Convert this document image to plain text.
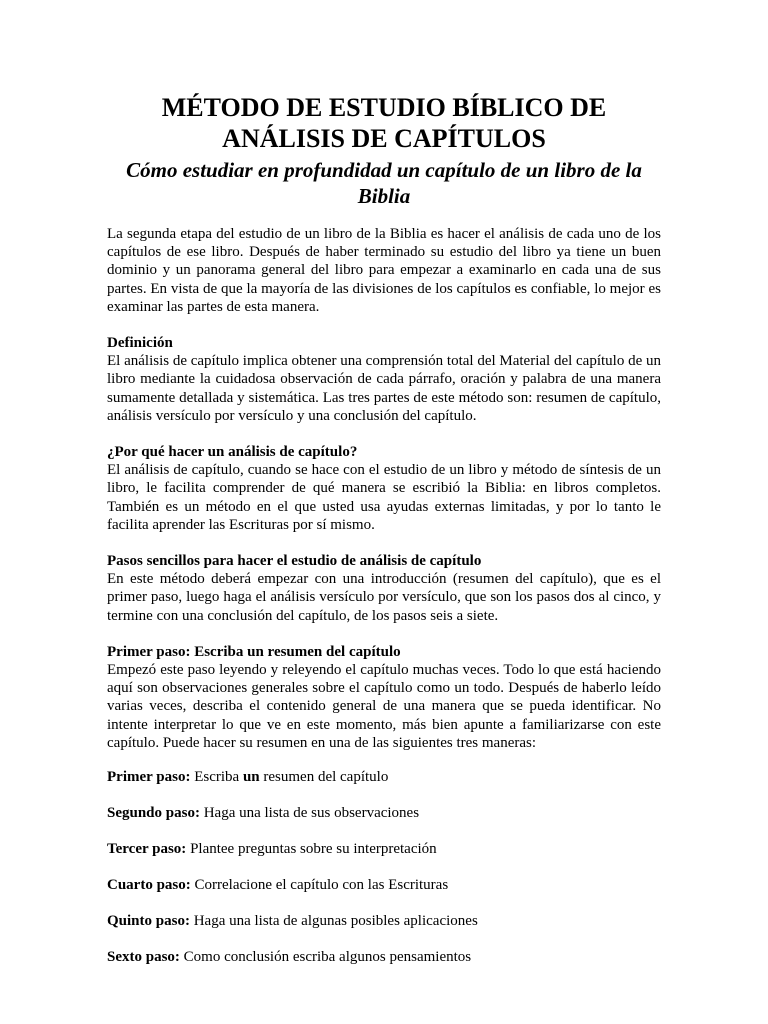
MÉTODO DE ESTUDIO BÍBLICO DE ANÁLISIS DE CAPÍTULOS
Cómo estudiar en profundidad un capítulo de un libro de la Biblia

La segunda etapa del estudio de un libro de la Biblia es hacer el análisis de cada uno de los capítulos de ese libro. Después de haber terminado su estudio del libro ya tiene un buen dominio y un panorama general del libro para empezar a examinarlo en cada una de sus partes. En vista de que la mayoría de las divisiones de los capítulos es confiable, lo mejor es examinar las partes de esta manera.

Definición

El análisis de capítulo implica obtener una comprensión total del Material del capítulo de un libro mediante la cuidadosa observación de cada párrafo, oración y palabra de una manera sumamente detallada y sistemática. Las tres partes de este método son: resumen de capítulo, análisis versículo por versículo y una conclusión del capítulo.

¿Por qué hacer un análisis de capítulo?

El análisis de capítulo, cuando se hace con el estudio de un libro y método de síntesis de un libro, le facilita comprender de qué manera se escribió la Biblia: en libros completos. También es un método en el que usted usa ayudas externas limitadas, y por lo tanto le facilita aprender las Escrituras por sí mismo.

Pasos sencillos para hacer el estudio de análisis de capítulo

En este método deberá empezar con una introducción (resumen del capítulo), que es el primer paso, luego haga el análisis versículo por versículo, que son los pasos dos al cinco, y termine con una conclusión del capítulo, de los pasos seis a siete.

Primer paso: Escriba un resumen del capítulo

Empezó este paso leyendo y releyendo el capítulo muchas veces. Todo lo que está haciendo aquí son observaciones generales sobre el capítulo como un todo. Después de haberlo leído varias veces, describa el contenido general de una manera que se pueda identificar. No intente interpretar lo que ve en este momento, más bien apunte a familiarizarse con este capítulo. Puede hacer su resumen en una de las siguientes tres maneras:

Primer paso: Escriba un resumen del capítulo

Segundo paso: Haga una lista de sus observaciones

Tercer paso: Plantee preguntas sobre su interpretación

Cuarto paso: Correlacione el capítulo con las Escrituras

Quinto paso: Haga una lista de algunas posibles aplicaciones

Sexto paso: Como conclusión escriba algunos pensamientos
